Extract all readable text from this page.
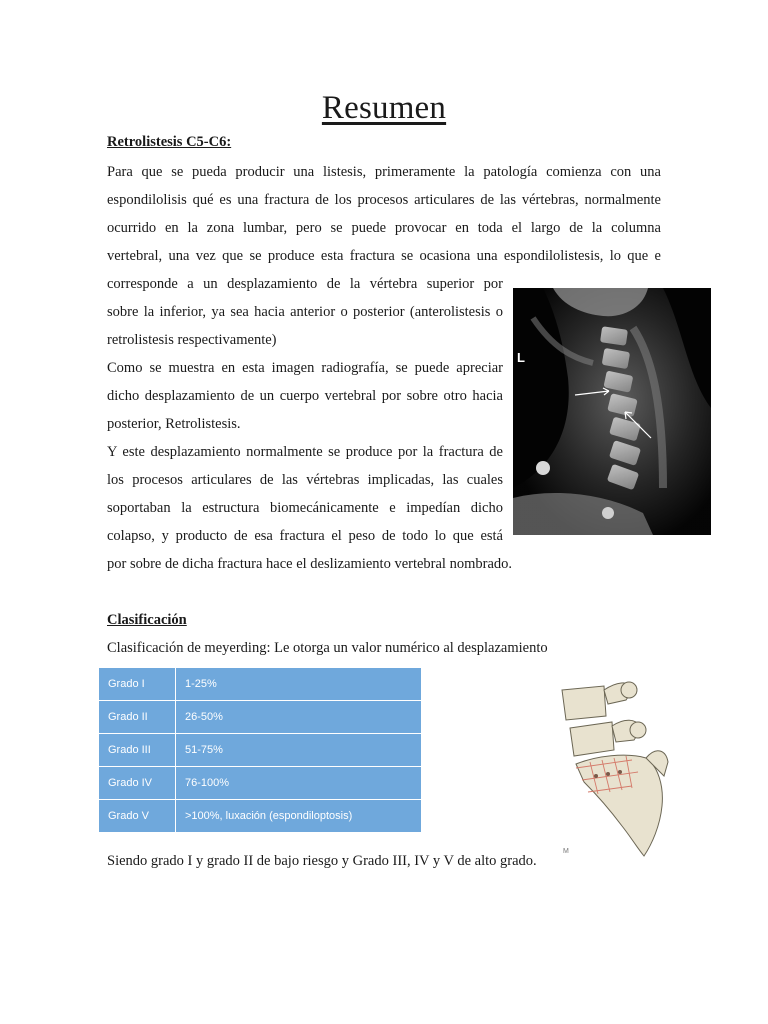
Resumen
Retrolistesis C5-C6:

Para que se pueda producir una listesis, primeramente la patología comienza con una

espondilolisis qué es una fractura de los procesos articulares de las vértebras, normalmente

ocurrido en la zona lumbar, pero se puede provocar en toda el largo de la columna

vertebral, una vez que se produce esta fractura se ocasiona una espondilolistesis, lo que e

corresponde a un desplazamiento de la vértebra superior por

sobre la inferior, ya sea hacia anterior o posterior (anterolistesis o

retrolistesis respectivamente)

Como se muestra en esta imagen radiografía, se puede apreciar

dicho desplazamiento de un cuerpo vertebral por sobre otro hacia

posterior, Retrolistesis.

Y este desplazamiento normalmente se produce por la fractura de

los procesos articulares de las vértebras implicadas, las cuales

soportaban la estructura biomecánicamente e impedían dicho

colapso, y producto de esa fractura el peso de todo lo que está

por sobre de dicha fractura hace el deslizamiento vertebral nombrado.
L
Clasificación
Clasificación de meyerding: Le otorga un valor numérico al desplazamiento
Grado I	1-25%
Grado II	26-50%
Grado III	51-75%
Grado IV	76-100%
Grado V	>100%, luxación (espondiloptosis)
M
Siendo grado I y grado II de bajo riesgo y Grado III, IV y V de alto grado.
